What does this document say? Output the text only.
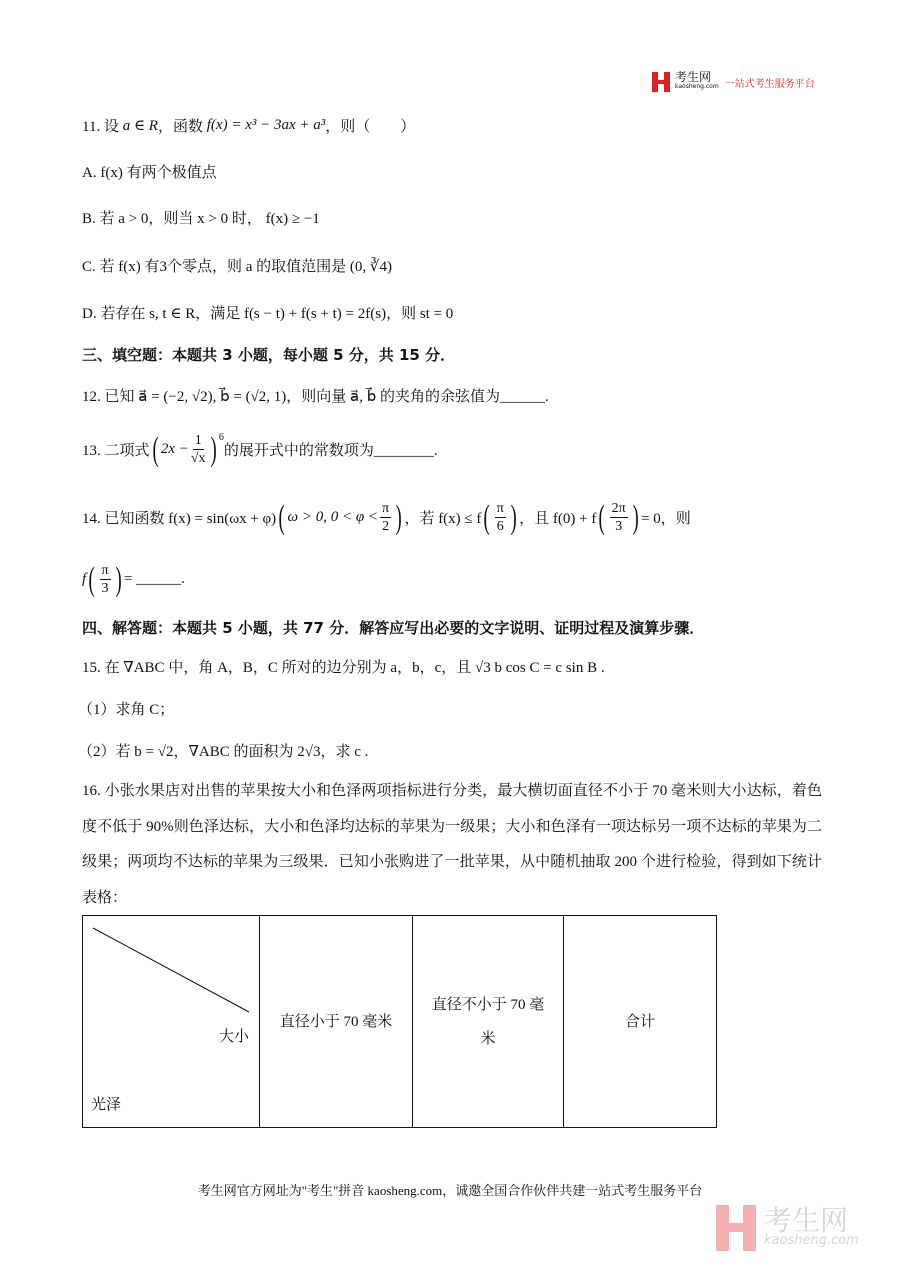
考生网
kaosheng.com 一站式考生服务平台
11. 设
a ∈ R ，函数
f(x) = x³ − 3ax + a³ ，则（　　）
A. f(x) 有两个极值点
B. 若 a > 0，则当 x > 0 时， f(x) ≥ −1
C. 若 f(x) 有3个零点，则 a 的取值范围是 (0, ∛4)
D. 若存在 s, t ∈ R，满足 f(s − t) + f(s + t) = 2f(s)，则 st = 0
三、填空题：本题共 3 小题，每小题 5 分，共 15 分．
12. 已知 a⃗ = (−2, √2), b⃗ = (√2, 1)，则向量 a⃗, b⃗ 的夹角的余弦值为______.
13. 二项式 ( $2x - \frac{1}{√x}$ ) $^6$
的展开式中的常数项为________.
14. 已知函数 f(x) = sin(ωx + φ) ( ω > 0, $0 < \varphi < \frac{\pi}{2}$ ) ，若 f(x) ≤ f ( $\frac{\pi}{6}$ ) ，且 f(0) + f ( $\frac{2\pi}{3}$ ) = 0，则
f ( $\frac{\pi}{3}$ ) = ______.
四、解答题：本题共 5 小题，共 77 分．解答应写出必要的文字说明、证明过程及演算步骤．
15. 在 ∇ABC 中，角 A，B，C 所对的边分别为 a，b，c，且 √3 b cos C = c sin B .
（1）求角 C；
（2）若 b = √2，∇ABC 的面积为 2√3，求 c .
16. 小张水果店对出售的苹果按大小和色泽两项指标进行分类，最大横切面直径不小于 70 毫米则大小达标，着色度不低于 90%则色泽达标，大小和色泽均达标的苹果为一级果；大小和色泽有一项达标另一项不达标的苹果为二级果；两项均不达标的苹果为三级果．已知小张购进了一批苹果，从中随机抽取 200 个进行检验，得到如下统计表格：
大小
光泽
	直径小于 70 毫米	直径不小于 70 毫米	合计
考生网官方网址为"考生"拼音 kaosheng.com，诚邀全国合作伙伴共建一站式考生服务平台
考生网
kaosheng.com
